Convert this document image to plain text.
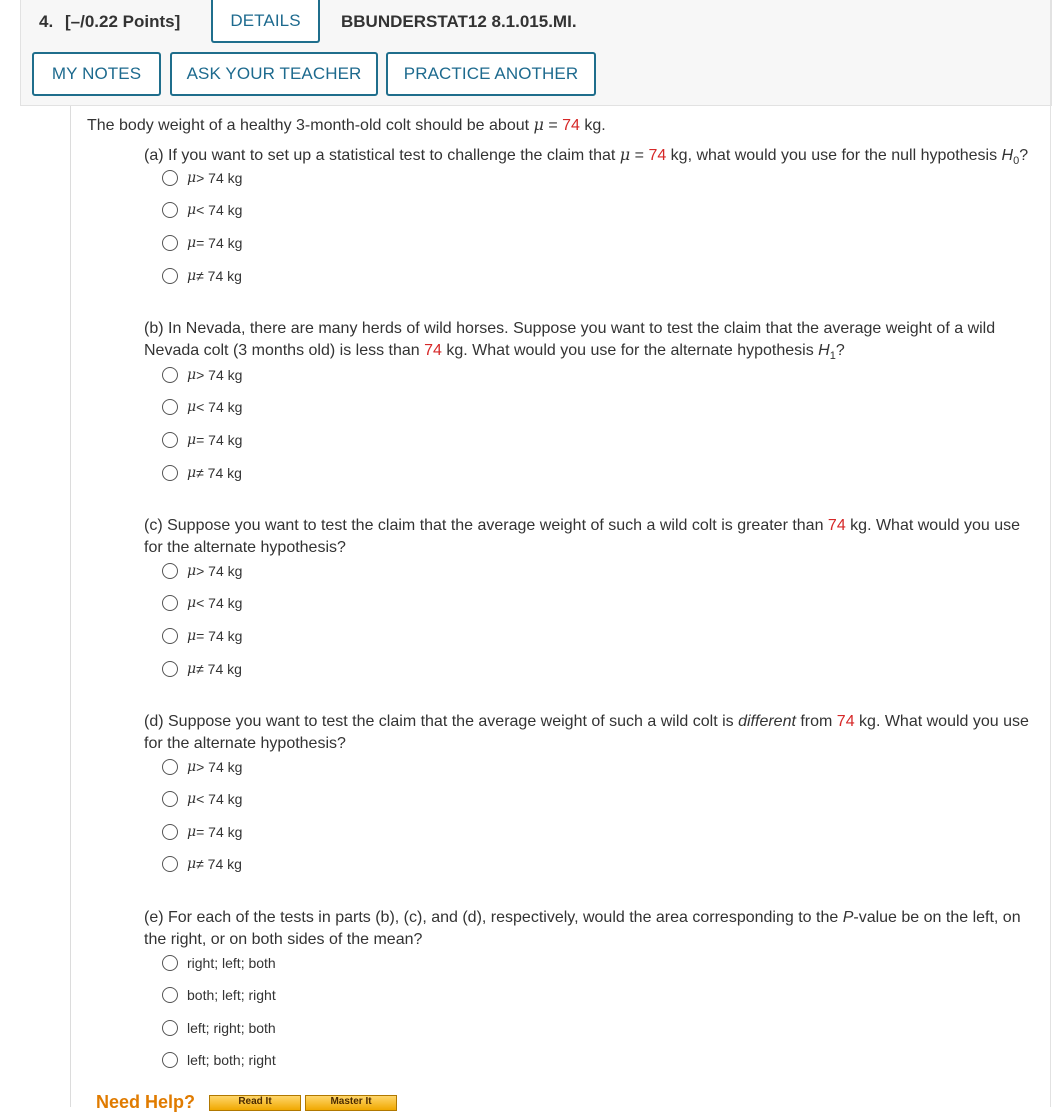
4. [–/0.22 Points]	DETAILS	BBUNDERSTAT12 8.1.015.MI.
MY NOTES	ASK YOUR TEACHER	PRACTICE ANOTHER
The body weight of a healthy 3-month-old colt should be about μ = 74 kg.
(a) If you want to set up a statistical test to challenge the claim that μ = 74 kg, what would you use for the null hypothesis $H_0$?
μ > 74 kg
μ < 74 kg
μ = 74 kg
μ ≠ 74 kg
(b) In Nevada, there are many herds of wild horses. Suppose you want to test the claim that the average weight of a wild Nevada colt (3 months old) is less than 74 kg. What would you use for the alternate hypothesis $H_1$?
μ > 74 kg
μ < 74 kg
μ = 74 kg
μ ≠ 74 kg
(c) Suppose you want to test the claim that the average weight of such a wild colt is greater than 74 kg. What would you use for the alternate hypothesis?
μ > 74 kg
μ < 74 kg
μ = 74 kg
μ ≠ 74 kg
(d) Suppose you want to test the claim that the average weight of such a wild colt is different from 74 kg. What would you use for the alternate hypothesis?
μ > 74 kg
μ < 74 kg
μ = 74 kg
μ ≠ 74 kg
(e) For each of the tests in parts (b), (c), and (d), respectively, would the area corresponding to the P-value be on the left, on the right, or on both sides of the mean?
right; left; both
both; left; right
left; right; both
left; both; right
Need Help?	Read It	Master It
